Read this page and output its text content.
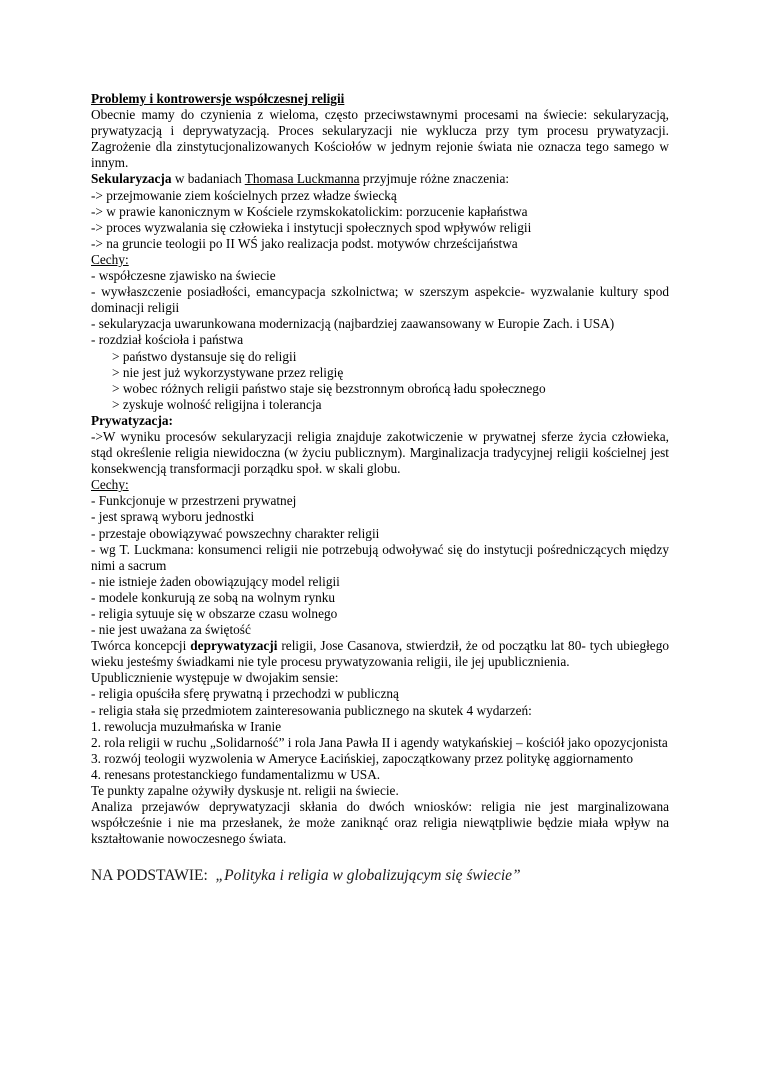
Problemy i kontrowersje współczesnej religii

Obecnie mamy do czynienia z wieloma, często przeciwstawnymi procesami na świecie: sekularyzacją, prywatyzacją i deprywatyzacją. Proces sekularyzacji nie wyklucza przy tym procesu prywatyzacji. Zagrożenie dla zinstytucjonalizowanych Kościołów w jednym rejonie świata nie oznacza tego samego w innym.

Sekularyzacja w badaniach Thomasa Luckmanna przyjmuje różne znaczenia:

-> przejmowanie ziem kościelnych przez władze świecką

-> w prawie kanonicznym w Kościele rzymskokatolickim: porzucenie kapłaństwa

-> proces wyzwalania się człowieka i instytucji społecznych spod wpływów religii

-> na gruncie teologii po II WŚ jako realizacja podst. motywów chrześcijaństwa

Cechy:

- współczesne zjawisko na świecie

- wywłaszczenie posiadłości, emancypacja szkolnictwa; w szerszym aspekcie- wyzwalanie kultury spod dominacji religii

- sekularyzacja uwarunkowana modernizacją (najbardziej zaawansowany w Europie Zach. i USA)

- rozdział kościoła i państwa

> państwo dystansuje się do religii

> nie jest już wykorzystywane przez religię

> wobec różnych religii państwo staje się bezstronnym obrońcą ładu społecznego

> zyskuje wolność religijna i tolerancja

Prywatyzacja:

->W wyniku procesów sekularyzacji religia znajduje zakotwiczenie w prywatnej sferze życia człowieka, stąd określenie religia niewidoczna (w życiu publicznym). Marginalizacja tradycyjnej religii kościelnej jest konsekwencją transformacji porządku społ. w skali globu.

Cechy:

- Funkcjonuje w przestrzeni prywatnej

- jest sprawą wyboru jednostki

- przestaje obowiązywać powszechny charakter religii

- wg T. Luckmana: konsumenci religii nie potrzebują odwoływać się do instytucji pośredniczących między nimi a sacrum

- nie istnieje żaden obowiązujący model religii

- modele konkurują ze sobą na wolnym rynku

- religia sytuuje się w obszarze czasu wolnego

- nie jest uważana za świętość

Twórca koncepcji deprywatyzacji religii, Jose Casanova, stwierdził, że od początku lat 80- tych ubiegłego wieku jesteśmy świadkami nie tyle procesu prywatyzowania religii, ile jej upublicznienia.

Upublicznienie występuje w dwojakim sensie:

- religia opuściła sferę prywatną i przechodzi w publiczną

- religia stała się przedmiotem zainteresowania publicznego na skutek 4 wydarzeń:

1. rewolucja muzułmańska w Iranie

2. rola religii w ruchu „Solidarność” i rola Jana Pawła II i agendy watykańskiej – kościół jako opozycjonista

3. rozwój teologii wyzwolenia w Ameryce Łacińskiej, zapoczątkowany przez politykę aggiornamento

4. renesans protestanckiego fundamentalizmu w USA.

Te punkty zapalne ożywiły dyskusje nt. religii na świecie.

Analiza przejawów deprywatyzacji skłania do dwóch wniosków: religia nie jest marginalizowana współcześnie i nie ma przesłanek, że może zaniknąć oraz religia niewątpliwie będzie miała wpływ na kształtowanie nowoczesnego świata.

NA PODSTAWIE:  „Polityka i religia w globalizującym się świecie”
